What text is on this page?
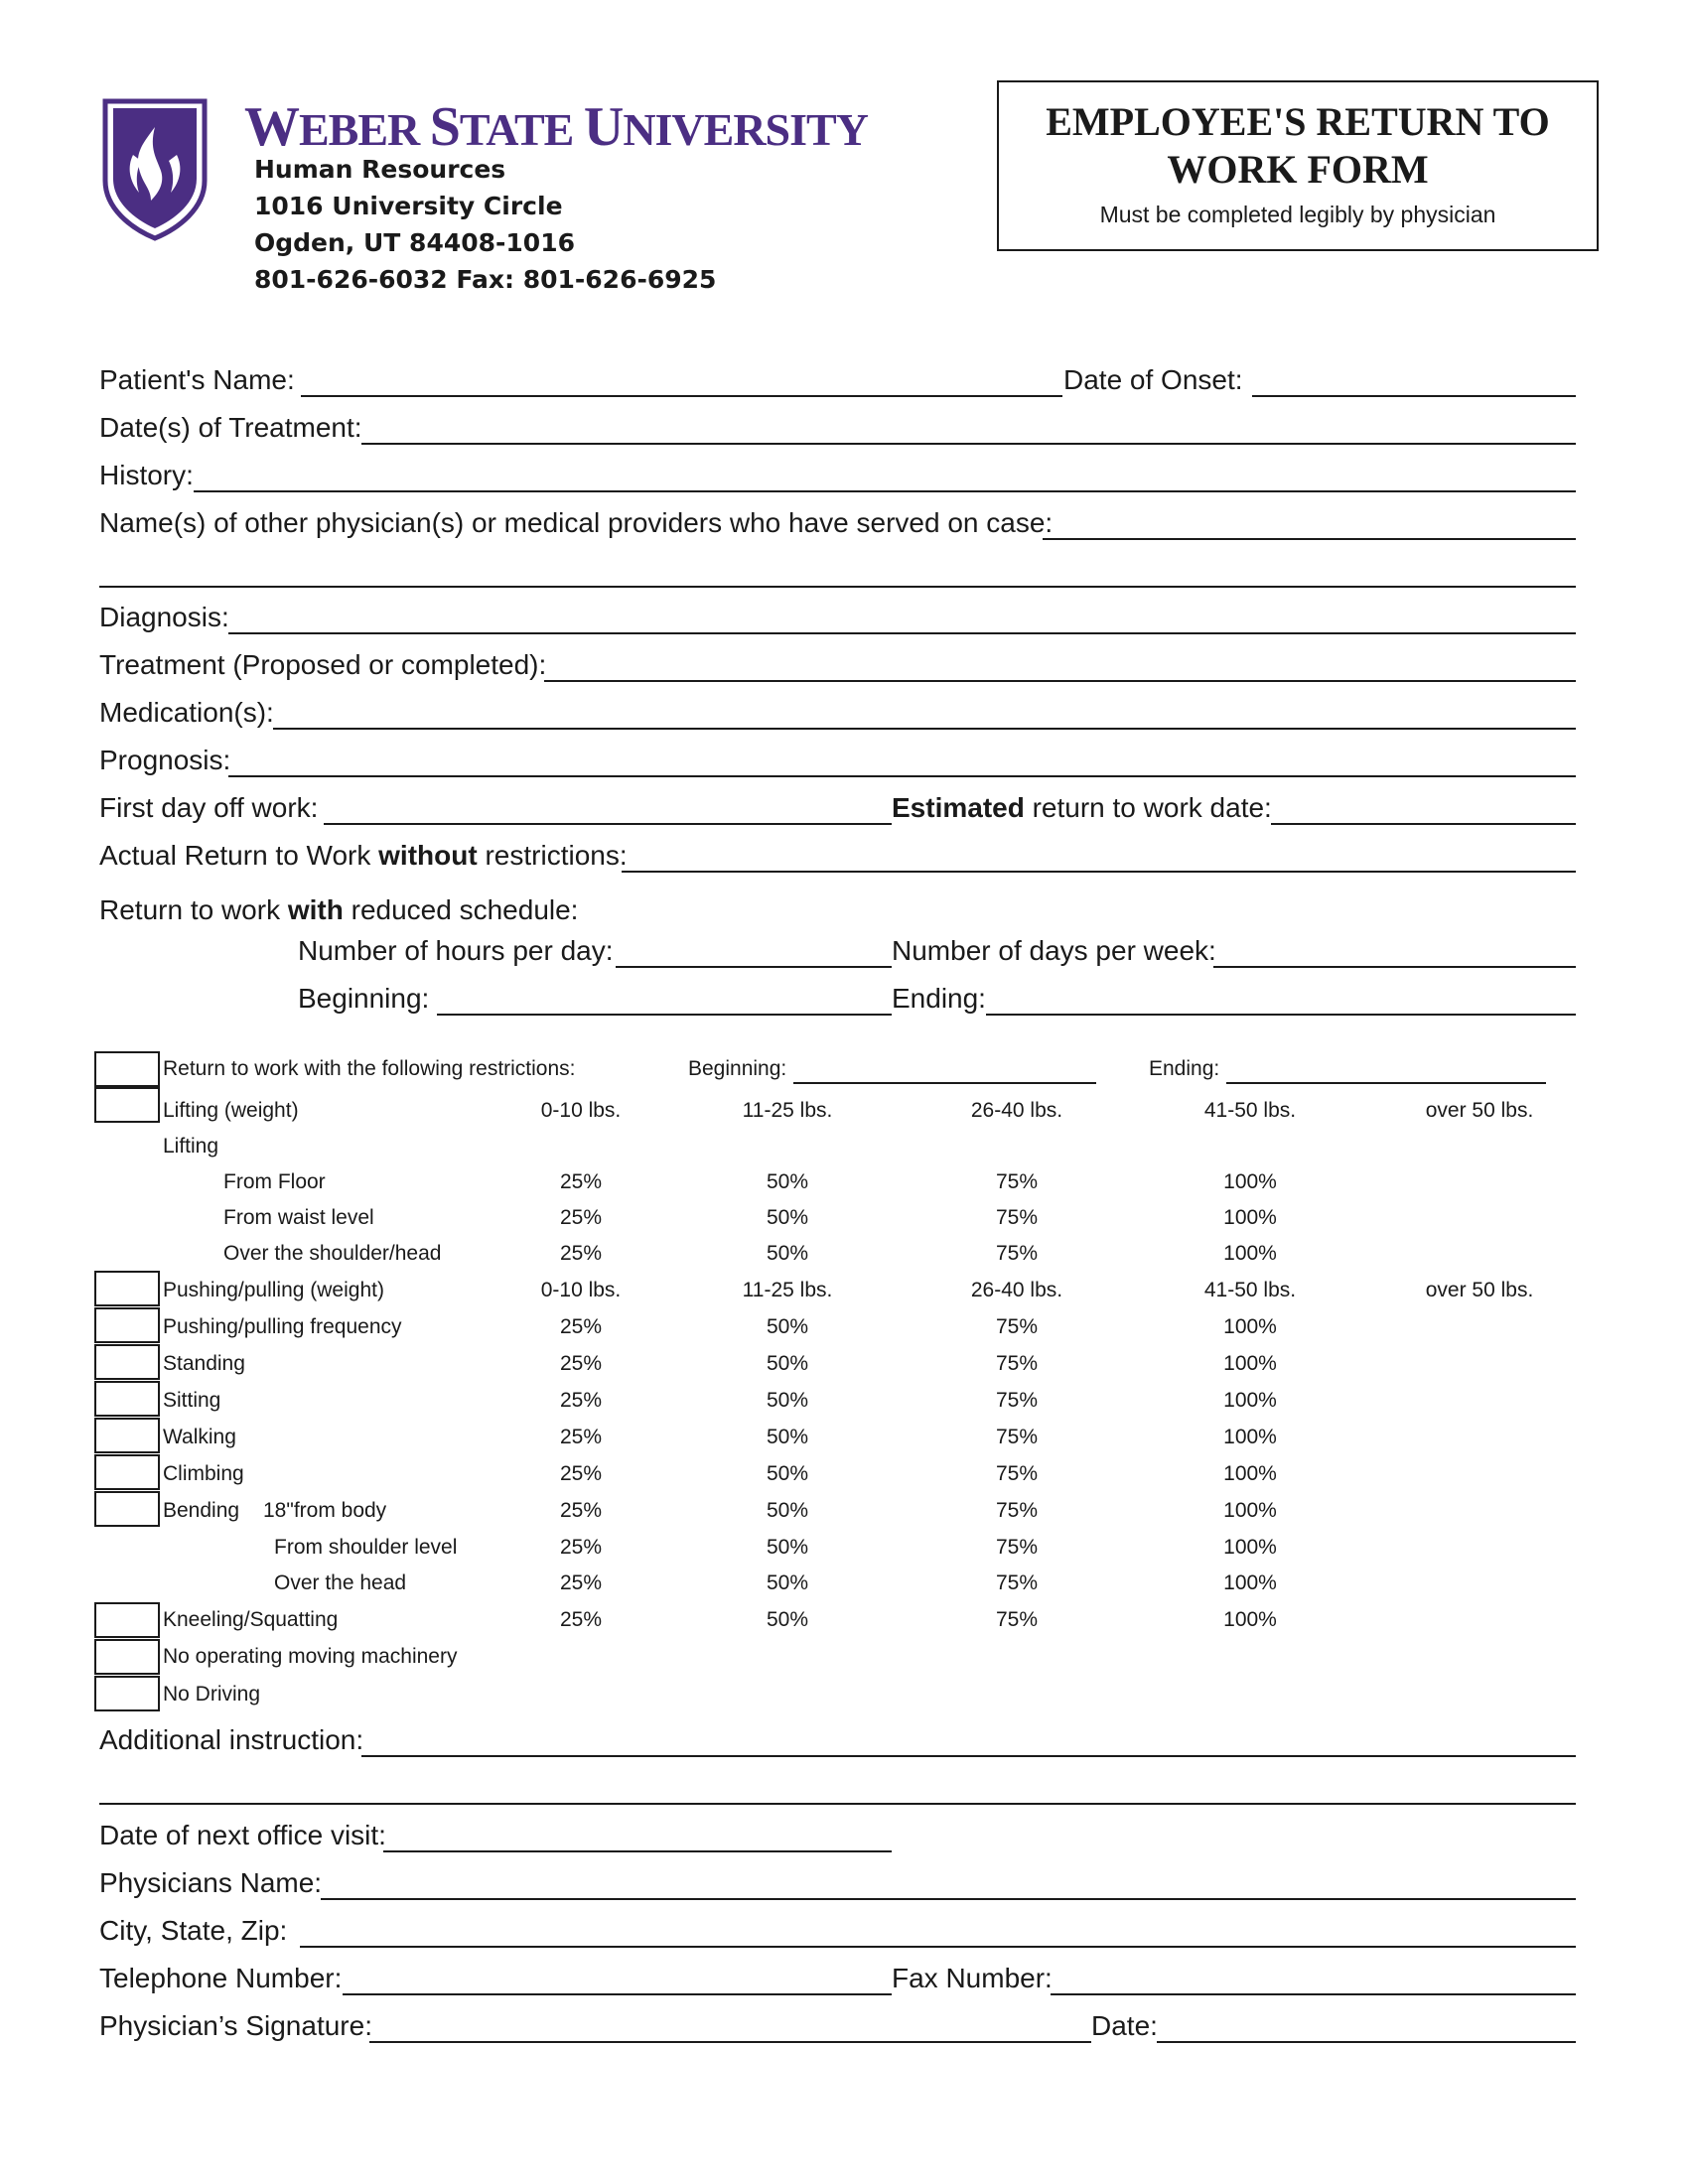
WEBER STATE UNIVERSITY
Human Resources
1016 University Circle
Ogden, UT 84408-1016
801-626-6032 Fax: 801-626-6925
EMPLOYEE'S RETURN TO
WORK FORM
Must be completed legibly by physician
Patient's Name:	Date of Onset:
Date(s) of Treatment:
History:
Name(s) of other physician(s) or medical providers who have served on case:
Diagnosis:
Treatment (Proposed or completed):
Medication(s):
Prognosis:
First day off work:	Estimated return to work date:
Actual Return to Work without restrictions:
Return to work with reduced schedule:
Number of hours per day:	Number of days per week:
Beginning:	Ending:
Return to work with the following restrictions:	Beginning:	Ending:
Lifting (weight)	0-10 lbs.	11-25 lbs.	26-40 lbs.	41-50 lbs.	over 50 lbs.
Lifting
From Floor	25%	50%	75%	100%
From waist level	25%	50%	75%	100%
Over the shoulder/head	25%	50%	75%	100%
Pushing/pulling (weight)	0-10 lbs.	11-25 lbs.	26-40 lbs.	41-50 lbs.	over 50 lbs.
Pushing/pulling frequency	25%	50%	75%	100%
Standing	25%	50%	75%	100%
Sitting	25%	50%	75%	100%
Walking	25%	50%	75%	100%
Climbing	25%	50%	75%	100%
Bending 18"from body	25%	50%	75%	100%
From shoulder level	25%	50%	75%	100%
Over the head	25%	50%	75%	100%
Kneeling/Squatting	25%	50%	75%	100%
No operating moving machinery
No Driving
Additional instruction:
Date of next office visit:
Physicians Name:
City, State, Zip:
Telephone Number:	Fax Number:
Physician’s Signature:	Date:
